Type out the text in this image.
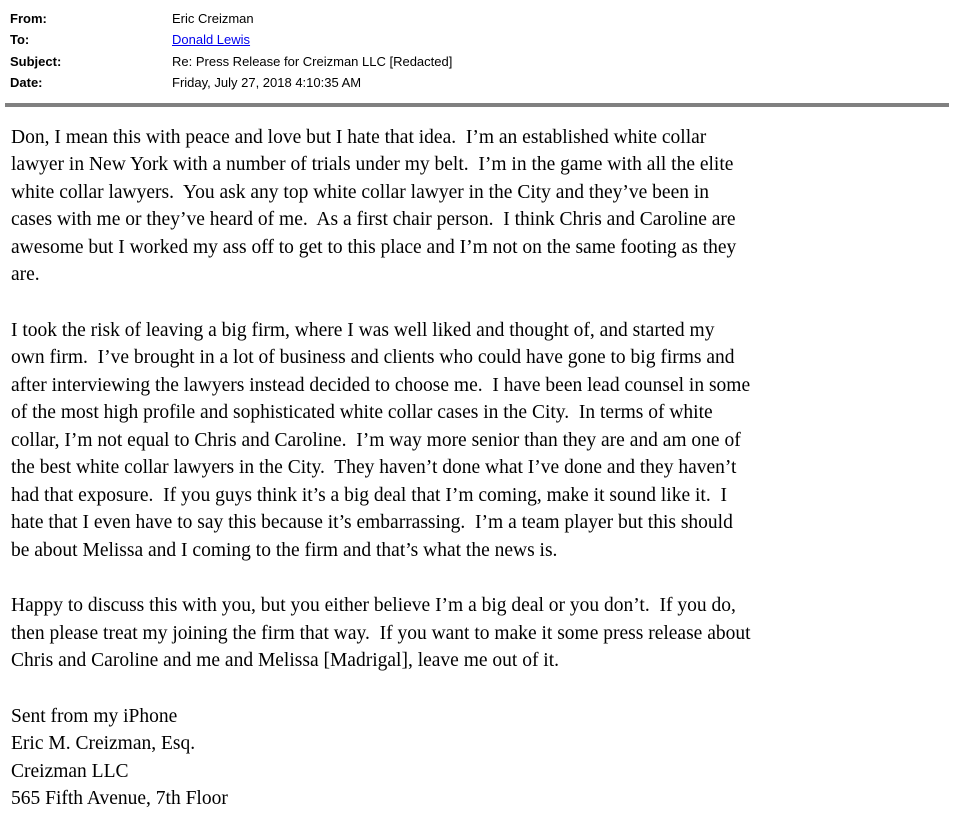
From:	Eric Creizman
To:	Donald Lewis
Subject:	Re: Press Release for Creizman LLC [Redacted]
Date:	Friday, July 27, 2018 4:10:35 AM
Don, I mean this with peace and love but I hate that idea.  I’m an established white collar
lawyer in New York with a number of trials under my belt.  I’m in the game with all the elite
white collar lawyers.  You ask any top white collar lawyer in the City and they’ve been in
cases with me or they’ve heard of me.  As a first chair person.  I think Chris and Caroline are
awesome but I worked my ass off to get to this place and I’m not on the same footing as they
are.
I took the risk of leaving a big firm, where I was well liked and thought of, and started my
own firm.  I’ve brought in a lot of business and clients who could have gone to big firms and
after interviewing the lawyers instead decided to choose me.  I have been lead counsel in some
of the most high profile and sophisticated white collar cases in the City.  In terms of white
collar, I’m not equal to Chris and Caroline.  I’m way more senior than they are and am one of
the best white collar lawyers in the City.  They haven’t done what I’ve done and they haven’t
had that exposure.  If you guys think it’s a big deal that I’m coming, make it sound like it.  I
hate that I even have to say this because it’s embarrassing.  I’m a team player but this should
be about Melissa and I coming to the firm and that’s what the news is.
Happy to discuss this with you, but you either believe I’m a big deal or you don’t.  If you do,
then please treat my joining the firm that way.  If you want to make it some press release about
Chris and Caroline and me and Melissa [Madrigal], leave me out of it.
Sent from my iPhone
Eric M. Creizman, Esq.
Creizman LLC
565 Fifth Avenue, 7th Floor
